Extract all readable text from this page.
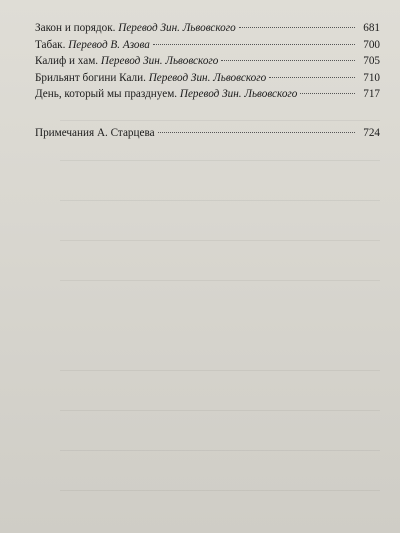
Закон и порядок. Перевод Зин. Львовского	681
Табак. Перевод В. Азова	700
Калиф и хам. Перевод Зин. Львовского	705
Брильянт богини Кали. Перевод Зин. Львовского	710
День, который мы празднуем. Перевод Зин. Львовского	717
Примечания А. Старцева	724
